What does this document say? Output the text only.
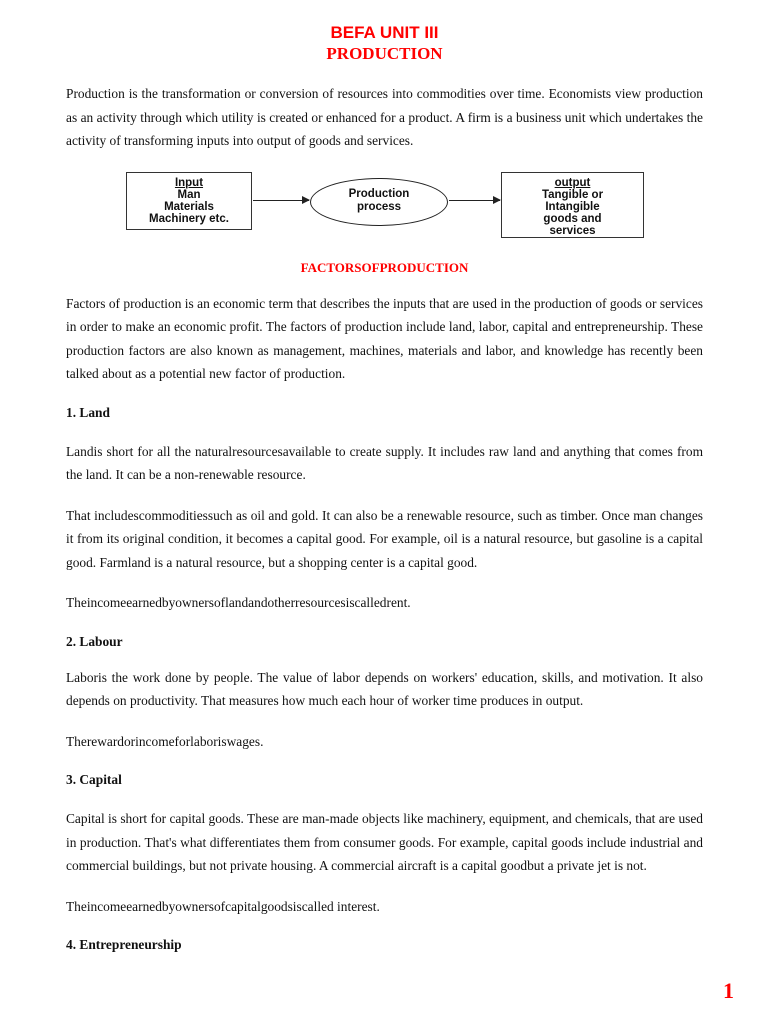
BEFA UNIT III
PRODUCTION

Production is the transformation or conversion of resources into commodities over time. Economists view production as an activity through which utility is created or enhanced for a product. A firm is a business unit which undertakes the activity of transforming inputs into output of goods and services.

Input
Man
Materials
Machinery etc.
Production
process
output
Tangible or
Intangible
goods and
services
FACTORSOFPRODUCTION

Factors of production is an economic term that describes the inputs that are used in the production of goods or services in order to make an economic profit. The factors of production include land, labor, capital and entrepreneurship. These production factors are also known as management, machines, materials and labor, and knowledge has recently been talked about as a potential new factor of production.

1. Land

Landis short for all the naturalresourcesavailable to create supply. It includes raw land and anything that comes from the land. It can be a non-renewable resource.

That includescommoditiessuch as oil and gold. It can also be a renewable resource, such as timber. Once man changes it from its original condition, it becomes a capital good. For example, oil is a natural resource, but gasoline is a capital good. Farmland is a natural resource, but a shopping center is a capital good.

Theincomeearnedbyownersoflandandotherresourcesiscalledrent.

2. Labour

Laboris the work done by people. The value of labor depends on workers' education, skills, and motivation. It also depends on productivity. That measures how much each hour of worker time produces in output.

Therewardorincomeforlaboriswages.

3. Capital

Capital is short for capital goods. These are man-made objects like machinery, equipment, and chemicals, that are used in production. That's what differentiates them from consumer goods. For example, capital goods include industrial and commercial buildings, but not private housing. A commercial aircraft is a capital goodbut a private jet is not.

Theincomeearnedbyownersofcapitalgoodsiscalled interest.

4. Entrepreneurship
1
